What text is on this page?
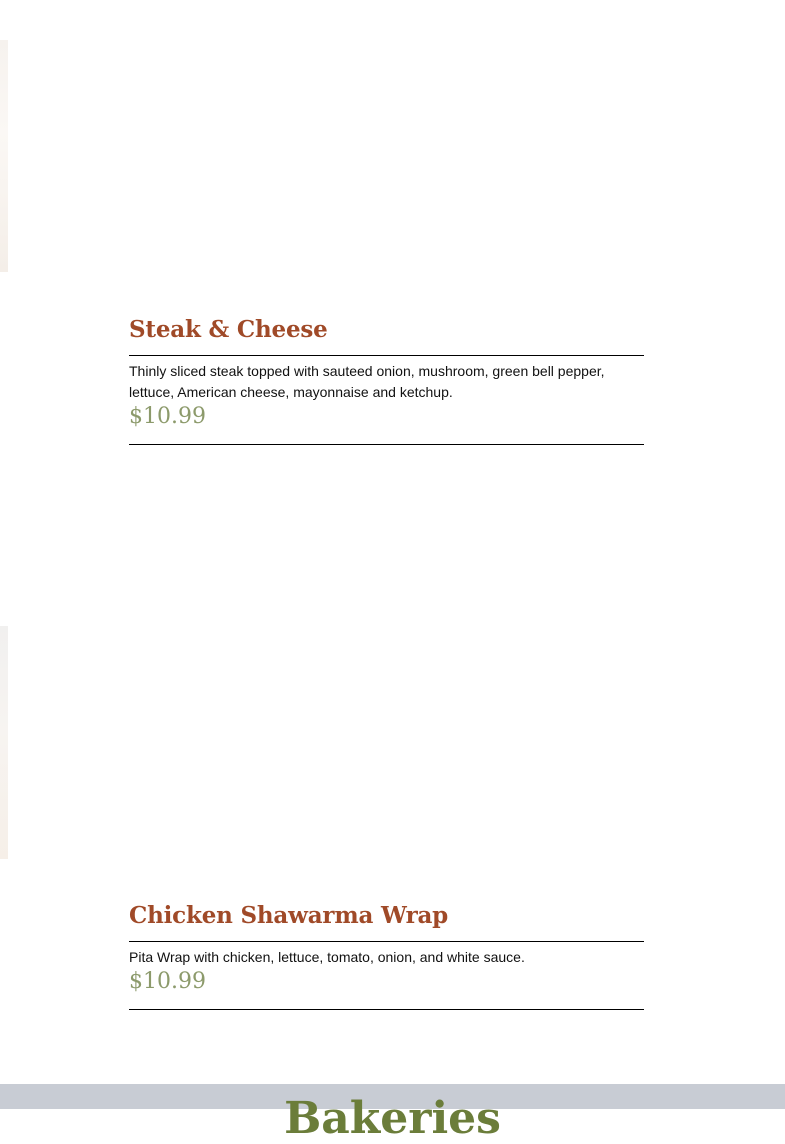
Steak & Cheese

Thinly sliced steak topped with sauteed onion, mushroom, green bell pepper, lettuce, American cheese, mayonnaise and ketchup.

$10.99

Chicken Shawarma Wrap

Pita Wrap with chicken, lettuce, tomato, onion, and white sauce.

$10.99

Bakeries
